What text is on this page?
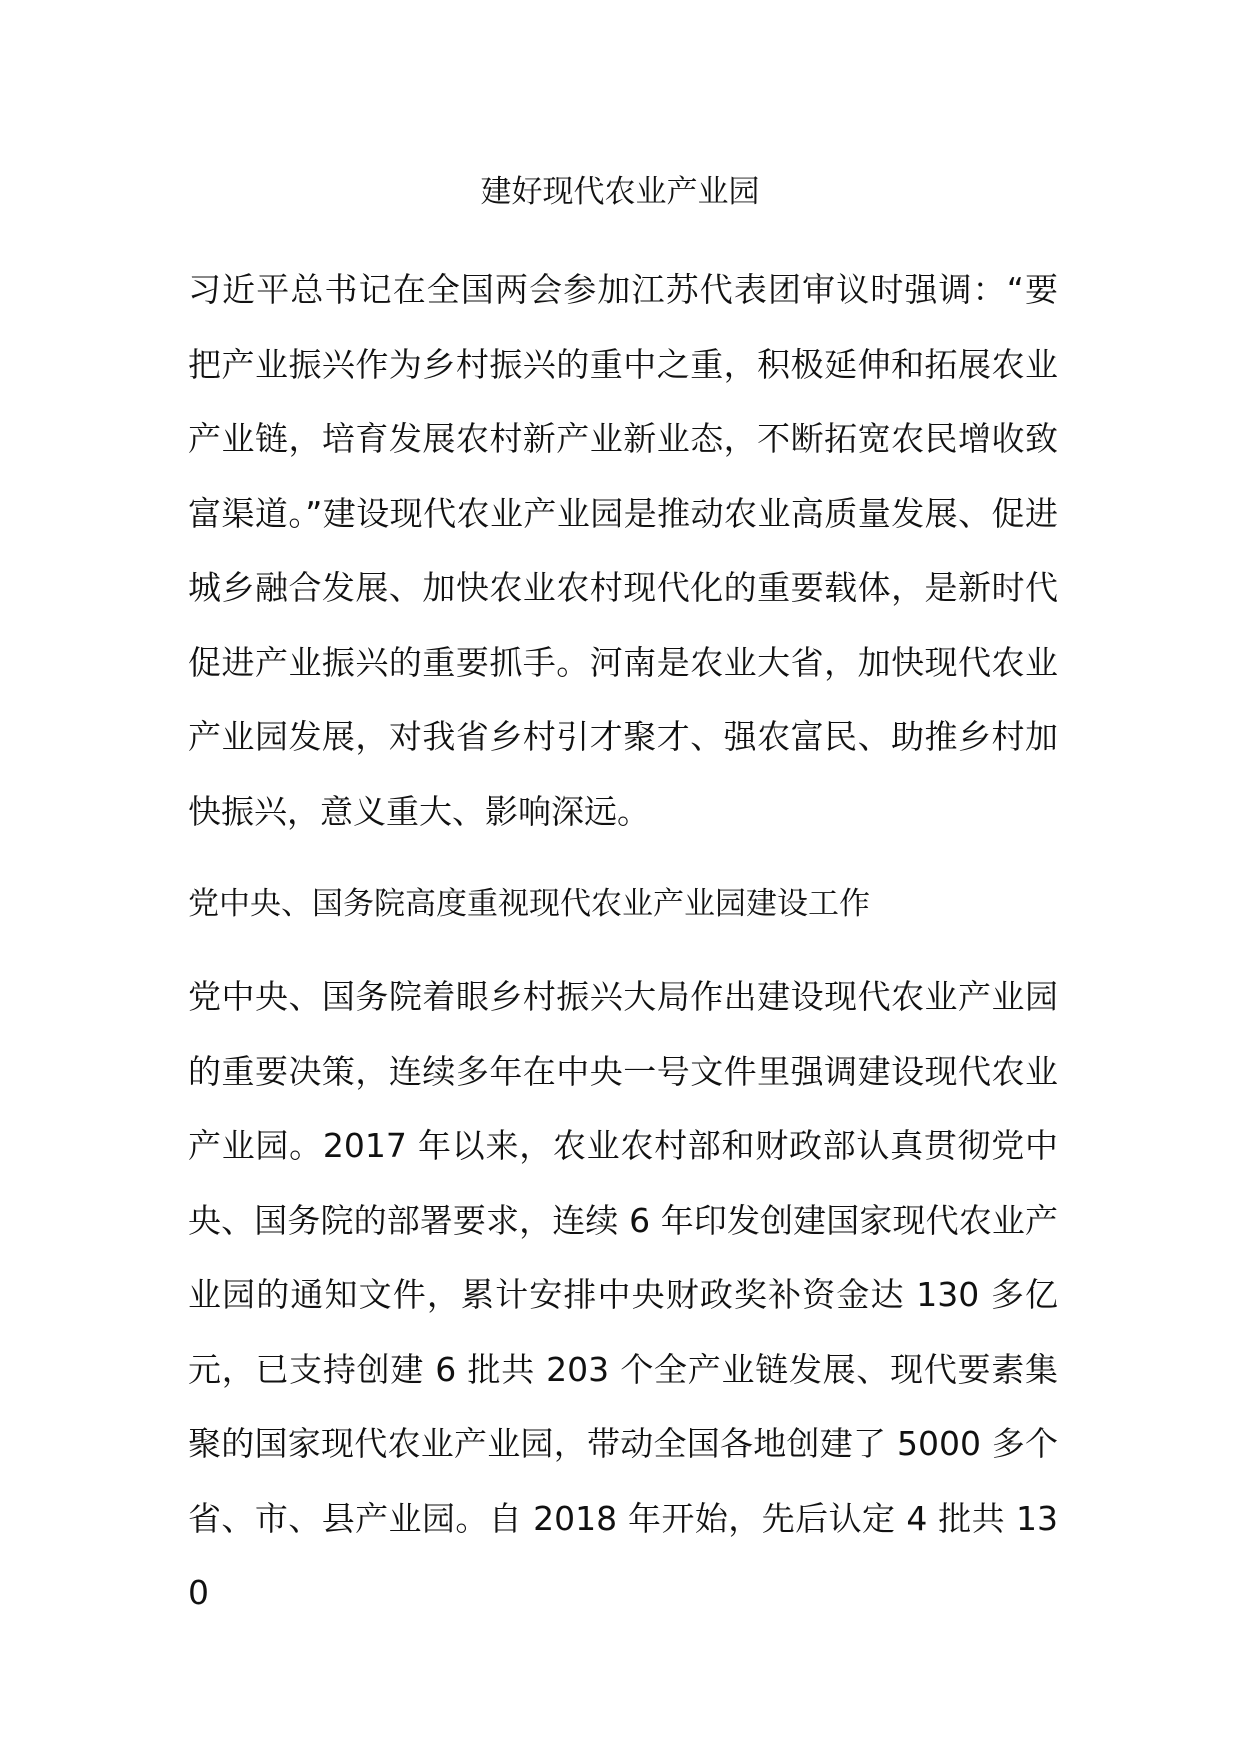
建好现代农业产业园

习近平总书记在全国两会参加江苏代表团审议时强调：“要把产业振兴作为乡村振兴的重中之重，积极延伸和拓展农业产业链，培育发展农村新产业新业态，不断拓宽农民增收致富渠道。”建设现代农业产业园是推动农业高质量发展、促进城乡融合发展、加快农业农村现代化的重要载体，是新时代促进产业振兴的重要抓手。河南是农业大省，加快现代农业产业园发展，对我省乡村引才聚才、强农富民、助推乡村加快振兴，意义重大、影响深远。

党中央、国务院高度重视现代农业产业园建设工作

党中央、国务院着眼乡村振兴大局作出建设现代农业产业园的重要决策，连续多年在中央一号文件里强调建设现代农业产业园。2017 年以来，农业农村部和财政部认真贯彻党中央、国务院的部署要求，连续 6 年印发创建国家现代农业产业园的通知文件，累计安排中央财政奖补资金达 130 多亿元，已支持创建 6 批共 203 个全产业链发展、现代要素集聚的国家现代农业产业园，带动全国各地创建了 5000 多个省、市、县产业园。自 2018 年开始，先后认定 4 批共 130
